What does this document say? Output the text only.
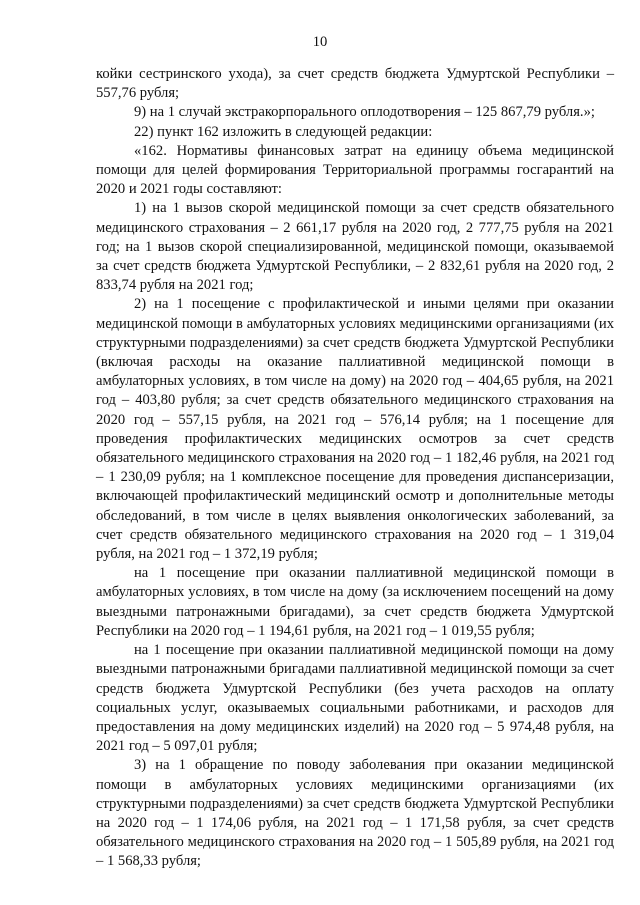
10

койки сестринского ухода), за счет средств бюджета Удмуртской Республики – 557,76 рубля;

9) на 1 случай экстракорпорального оплодотворения – 125 867,79 рубля.»;

22) пункт 162 изложить в следующей редакции:

«162. Нормативы финансовых затрат на единицу объема медицинской помощи для целей формирования Территориальной программы госгарантий на 2020 и 2021 годы составляют:

1) на 1 вызов скорой медицинской помощи за счет средств обязательного медицинского страхования – 2 661,17 рубля на 2020 год, 2 777,75 рубля на 2021 год; на 1 вызов скорой специализированной, медицинской помощи, оказываемой за счет средств бюджета Удмуртской Республики, – 2 832,61 рубля на 2020 год, 2 833,74 рубля на 2021 год;

2) на 1 посещение с профилактической и иными целями при оказании медицинской помощи в амбулаторных условиях медицинскими организациями (их структурными подразделениями) за счет средств бюджета Удмуртской Республики (включая расходы на оказание паллиативной медицинской помощи в амбулаторных условиях, в том числе на дому) на 2020 год – 404,65 рубля, на 2021 год – 403,80 рубля; за счет средств обязательного медицинского страхования на 2020 год – 557,15 рубля, на 2021 год – 576,14 рубля; на 1 посещение для проведения профилактических медицинских осмотров за счет средств обязательного медицинского страхования на 2020 год – 1 182,46 рубля, на 2021 год – 1 230,09 рубля; на 1 комплексное посещение для проведения диспансеризации, включающей профилактический медицинский осмотр и дополнительные методы обследований, в том числе в целях выявления онкологических заболеваний, за счет средств обязательного медицинского страхования на 2020 год – 1 319,04 рубля, на 2021 год – 1 372,19 рубля;

на 1 посещение при оказании паллиативной медицинской помощи в амбулаторных условиях, в том числе на дому (за исключением посещений на дому выездными патронажными бригадами), за счет средств бюджета Удмуртской Республики на 2020 год – 1 194,61 рубля, на 2021 год – 1 019,55 рубля;

на 1 посещение при оказании паллиативной медицинской помощи на дому выездными патронажными бригадами паллиативной медицинской помощи за счет средств бюджета Удмуртской Республики (без учета расходов на оплату социальных услуг, оказываемых социальными работниками, и расходов для предоставления на дому медицинских изделий) на 2020 год – 5 974,48 рубля, на 2021 год – 5 097,01 рубля;

3) на 1 обращение по поводу заболевания при оказании медицинской помощи в амбулаторных условиях медицинскими организациями (их структурными подразделениями) за счет средств бюджета Удмуртской Республики на 2020 год – 1 174,06 рубля, на 2021 год – 1 171,58 рубля, за счет средств обязательного медицинского страхования на 2020 год – 1 505,89 рубля, на 2021 год – 1 568,33 рубля;
